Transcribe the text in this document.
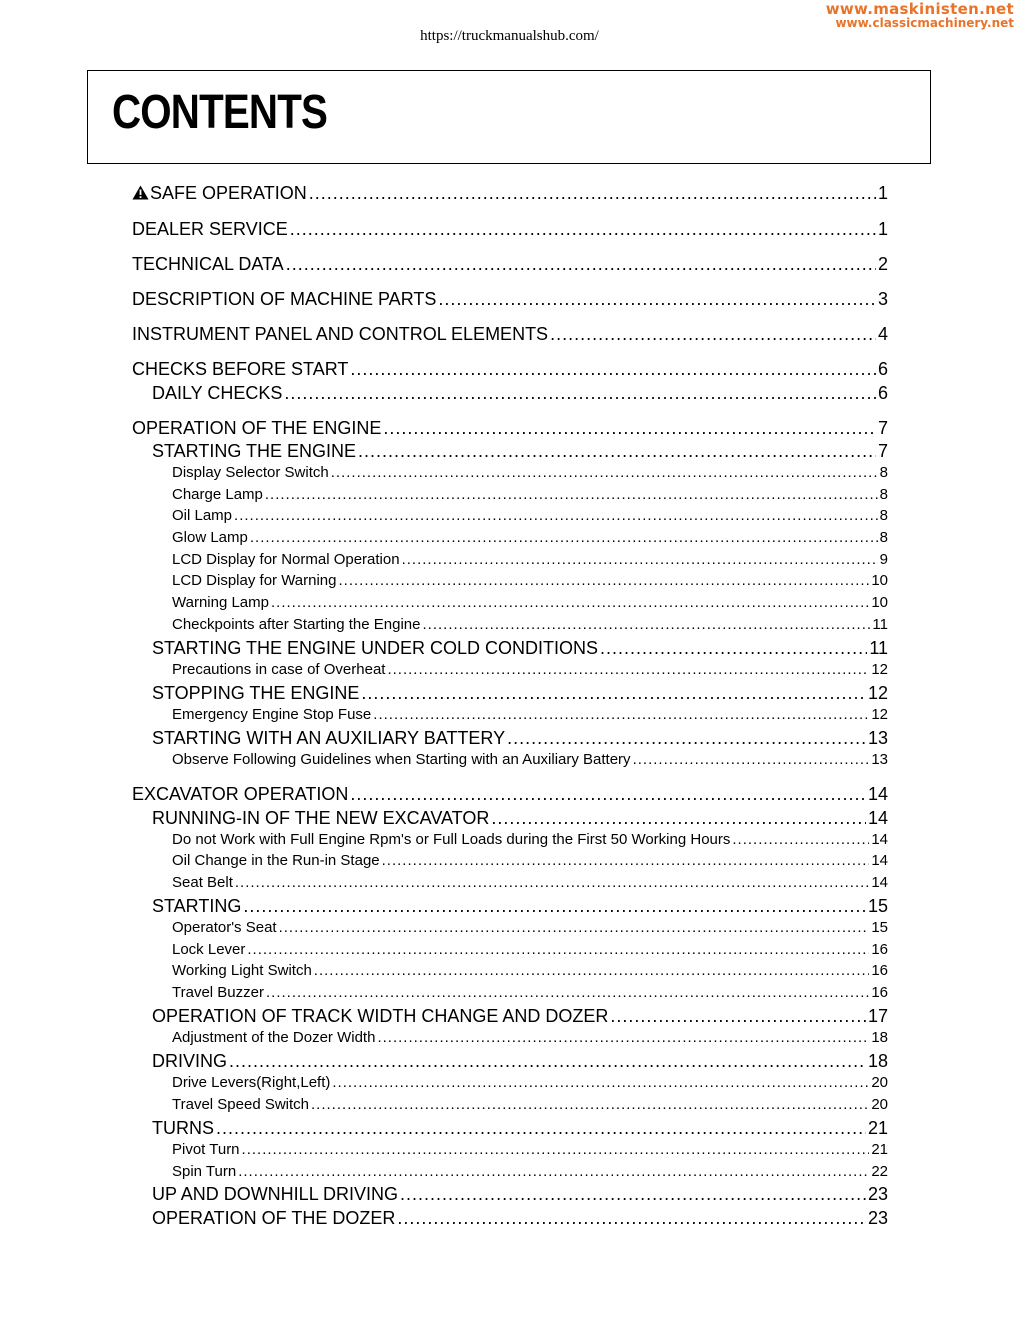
www.maskinisten.net
www.classicmachinery.net
https://truckmanualshub.com/
CONTENTS
SAFE OPERATION .....	1
DEALER SERVICE .....	1
TECHNICAL DATA .....	2
DESCRIPTION OF MACHINE PARTS .....	3
INSTRUMENT PANEL AND CONTROL ELEMENTS .....	4
CHECKS BEFORE START .....	6
DAILY CHECKS .....	6
OPERATION OF THE ENGINE .....	7
STARTING THE ENGINE .....	7
Display Selector Switch .....	8
Charge Lamp .....	8
Oil Lamp .....	8
Glow Lamp .....	8
LCD Display for Normal Operation .....	9
LCD Display for Warning .....	10
Warning Lamp .....	10
Checkpoints after Starting the Engine .....	11
STARTING THE ENGINE UNDER COLD CONDITIONS .....	11
Precautions in case of Overheat .....	12
STOPPING THE ENGINE .....	12
Emergency Engine Stop Fuse .....	12
STARTING WITH AN AUXILIARY BATTERY .....	13
Observe Following Guidelines when Starting with an Auxiliary Battery .....	13
EXCAVATOR OPERATION .....	14
RUNNING-IN OF THE NEW EXCAVATOR .....	14
Do not Work with Full Engine Rpm's or Full Loads during the First 50 Working Hours .....	14
Oil Change in the Run-in Stage .....	14
Seat Belt .....	14
STARTING .....	15
Operator's Seat .....	15
Lock Lever .....	16
Working Light Switch .....	16
Travel Buzzer .....	16
OPERATION OF TRACK WIDTH CHANGE AND DOZER .....	17
Adjustment of the Dozer Width .....	18
DRIVING .....	18
Drive Levers(Right,Left) .....	20
Travel Speed Switch .....	20
TURNS .....	21
Pivot Turn .....	21
Spin Turn .....	22
UP AND DOWNHILL DRIVING .....	23
OPERATION OF THE DOZER .....	23
